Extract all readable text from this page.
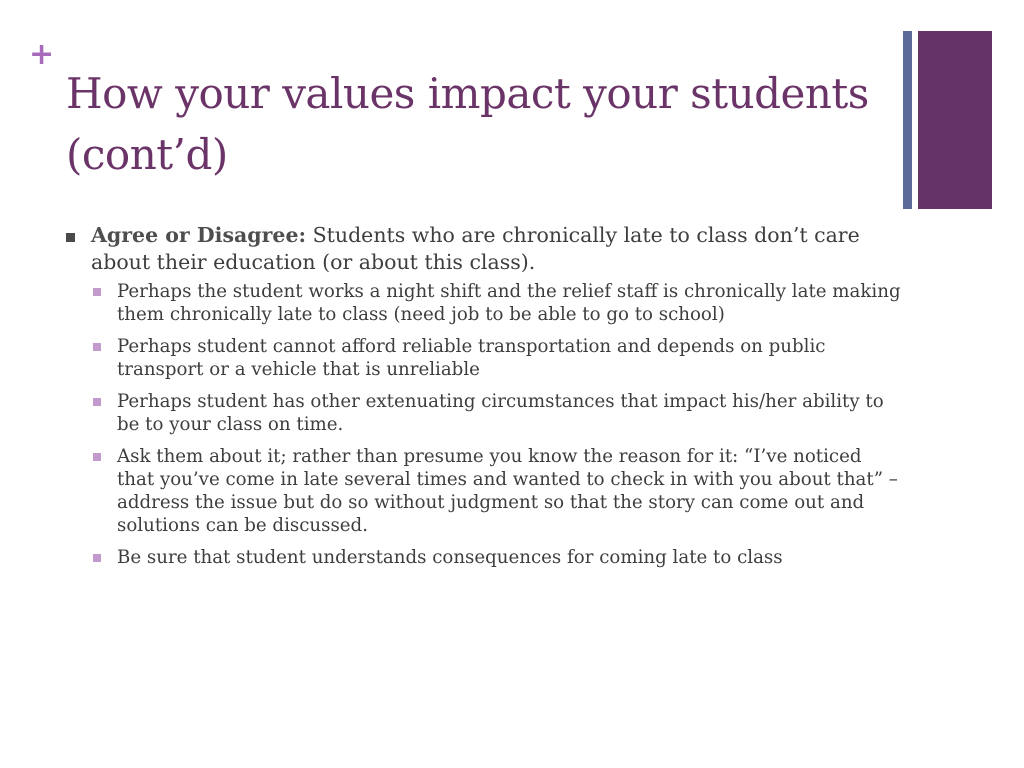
+
How your values impact your students (cont’d)
Agree or Disagree: Students who are chronically late to class don’t care about their education (or about this class).
Perhaps the student works a night shift and the relief staff is chronically late making them chronically late to class (need job to be able to go to school)
Perhaps student cannot afford reliable transportation and depends on public transport or a vehicle that is unreliable
Perhaps student has other extenuating circumstances that impact his/her ability to be to your class on time.
Ask them about it; rather than presume you know the reason for it: “I’ve noticed that you’ve come in late several times and wanted to check in with you about that” – address the issue but do so without judgment so that the story can come out and solutions can be discussed.
Be sure that student understands consequences for coming late to class
